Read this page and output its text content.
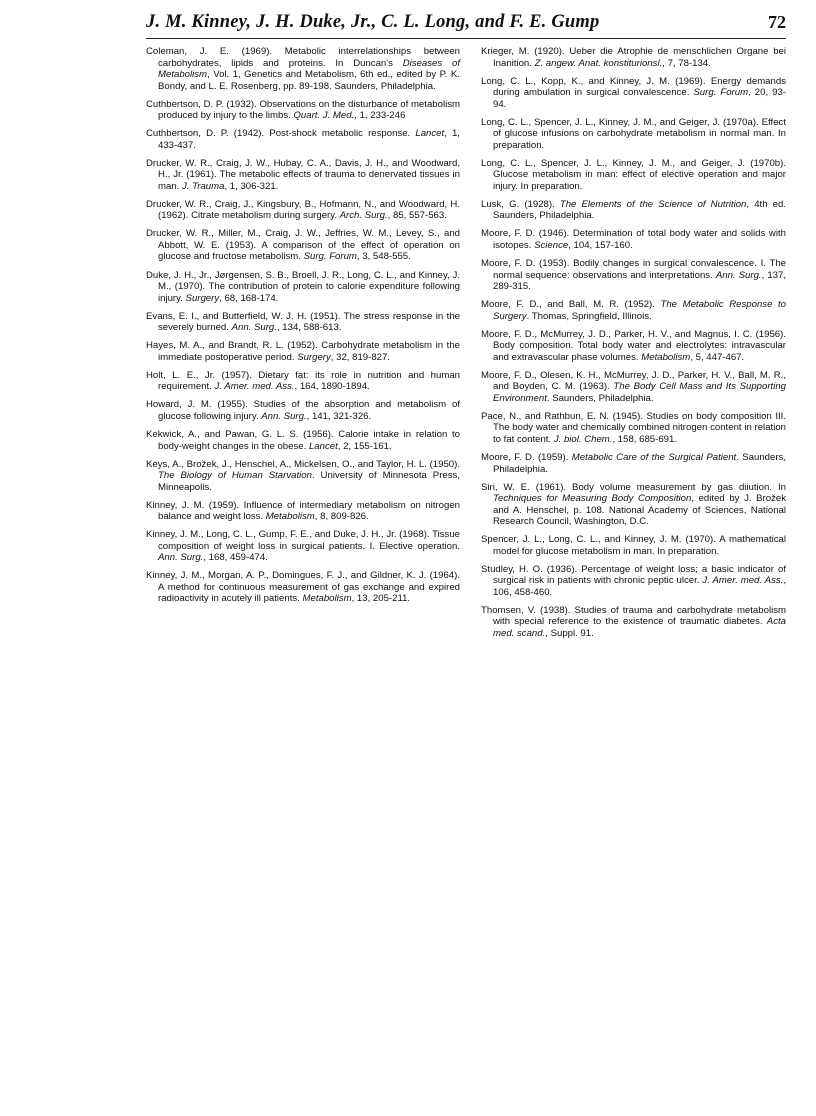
J. M. Kinney, J. H. Duke, Jr., C. L. Long, and F. E. Gump	72

Coleman, J. E. (1969). Metabolic interrelationships between carbohydrates, lipids and proteins. In Duncan's Diseases of Metabolism, Vol. 1, Genetics and Metabolism, 6th ed., edited by P. K. Bondy, and L. E. Rosenberg, pp. 89-198. Saunders, Philadelphia.

Cuthbertson, D. P. (1932). Observations on the disturbance of metabolism produced by injury to the limbs. Quart. J. Med., 1, 233-246

Cuthbertson, D. P. (1942). Post-shock metabolic response. Lancet, 1, 433-437.

Drucker, W. R., Craig, J. W., Hubay, C. A., Davis, J. H., and Woodward, H., Jr. (1961). The metabolic effects of trauma to denervated tissues in man. J. Trauma, 1, 306-321.

Drucker, W. R., Craig, J., Kingsbury, B., Hofmann, N., and Woodward, H. (1962). Citrate metabolism during surgery. Arch. Surg., 85, 557-563.

Drucker, W. R., Miller, M., Craig, J. W., Jeffries, W. M., Levey, S., and Abbott, W. E. (1953). A comparison of the effect of operation on glucose and fructose metabolism. Surg. Forum, 3, 548-555.

Duke, J. H., Jr., Jørgensen, S. B., Broell, J. R., Long, C. L., and Kinney, J. M., (1970). The contribution of protein to calorie expenditure following injury. Surgery, 68, 168-174.

Evans, E. I., and Butterfield, W. J. H. (1951). The stress response in the severely burned. Ann. Surg., 134, 588-613.

Hayes, M. A., and Brandt, R. L. (1952). Carbohydrate metabolism in the immediate postoperative period. Surgery, 32, 819-827.

Holt, L. E., Jr. (1957). Dietary fat: its role in nutrition and human requirement. J. Amer. med. Ass., 164, 1890-1894.

Howard, J. M. (1955). Studies of the absorption and metabolism of glucose following injury. Ann. Surg., 141, 321-326.

Kekwick, A., and Pawan, G. L. S. (1956). Calorie intake in relation to body-weight changes in the obese. Lancet, 2, 155-161.

Keys, A., Brožek, J., Henschel, A., Mickelsen, O., and Taylor, H. L. (1950). The Biology of Human Starvation. University of Minnesota Press, Minneapolis.

Kinney, J. M. (1959). Influence of intermediary metabolism on nitrogen balance and weight loss. Metabolism, 8, 809-826.

Kinney, J. M., Long, C. L., Gump, F. E., and Duke, J. H., Jr. (1968). Tissue composition of weight loss in surgical patients. I. Elective operation. Ann. Surg., 168, 459-474.

Kinney, J. M., Morgan, A. P., Domingues, F. J., and Gildner, K. J. (1964). A method for continuous measurement of gas exchange and expired radioactivity in acutely ill patients. Metabolism, 13, 205-211.

Krieger, M. (1920). Ueber die Atrophie de menschlichen Organe bei Inanition. Z. angew. Anat. konstiturionsl., 7, 78-134.

Long, C. L., Kopp, K., and Kinney, J. M. (1969). Energy demands during ambulation in surgical convalescence. Surg. Forum, 20, 93-94.

Long, C. L., Spencer, J. L., Kinney, J. M., and Geiger, J. (1970a). Effect of glucose infusions on carbohydrate metabolism in normal man. In preparation.

Long, C. L., Spencer, J. L., Kinney, J. M., and Geiger, J. (1970b). Glucose metabolism in man: effect of elective operation and major injury. In preparation.

Lusk, G. (1928). The Elements of the Science of Nutrition, 4th ed. Saunders, Philadelphia.

Moore, F. D. (1946). Determination of total body water and solids with isotopes. Science, 104, 157-160.

Moore, F. D. (1953). Bodily changes in surgical convalescence. I. The normal sequence: observations and interpretations. Ann. Surg., 137, 289-315.

Moore, F. D., and Ball, M. R. (1952). The Metabolic Response to Surgery. Thomas, Springfield, Illinois.

Moore, F. D., McMurrey, J. D., Parker, H. V., and Magnus, I. C. (1956). Body composition. Total body water and electrolytes: intravascular and extravascular phase volumes. Metabolism, 5, 447-467.

Moore, F. D., Olesen, K. H., McMurrey, J. D., Parker, H. V., Ball, M. R., and Boyden, C. M. (1963). The Body Cell Mass and Its Supporting Environment. Saunders, Philadelphia.

Pace, N., and Rathbun, E. N. (1945). Studies on body composition III. The body water and chemically combined nitrogen content in relation to fat content. J. biol. Chem., 158, 685-691.

Moore, F. D. (1959). Metabolic Care of the Surgical Patient. Saunders, Philadelphia.

Siri, W. E. (1961). Body volume measurement by gas diiution. In Techniques for Measuring Body Composition, edited by J. Brožek and A. Henschel, p. 108. National Academy of Sciences, National Research Council, Washington, D.C.

Spencer, J. L., Long, C. L., and Kinney, J. M. (1970). A mathematical model for glucose metabolism in man. In preparation.

Studley, H. O. (1936). Percentage of weight loss; a basic indicator of surgical risk in patients with chronic peptic ulcer. J. Amer. med. Ass., 106, 458-460.

Thomsen, V. (1938). Studies of trauma and carbohydrate metabolism with special reference to the existence of traumatic diabetes. Acta med. scand., Suppl. 91.
